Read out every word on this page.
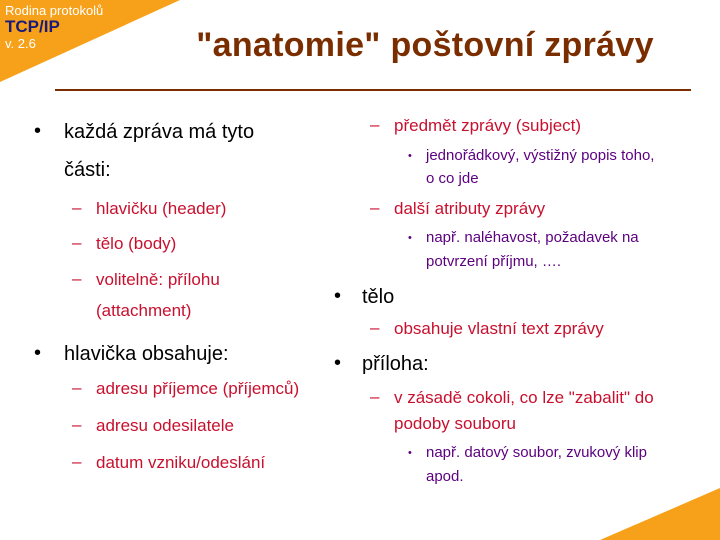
Rodina protokolů
TCP/IP
v. 2.6	"anatomie" poštovní zprávy
• každá zpráva má tyto
části:
– hlavičku (header)
– tělo (body)
– volitelně: přílohu
(attachment)
• hlavička obsahuje:
– adresu příjemce (příjemců)
– adresu odesilatele
– datum vzniku/odeslání
– předmět zprávy (subject)
• jednořádkový, výstižný popis toho,
o co jde
– další atributy zprávy
• např. naléhavost, požadavek na
potvrzení příjmu, ….
• tělo
– obsahuje vlastní text zprávy
• příloha:
– v zásadě cokoli, co lze "zabalit" do
podoby souboru
• např. datový soubor, zvukový klip
apod.
